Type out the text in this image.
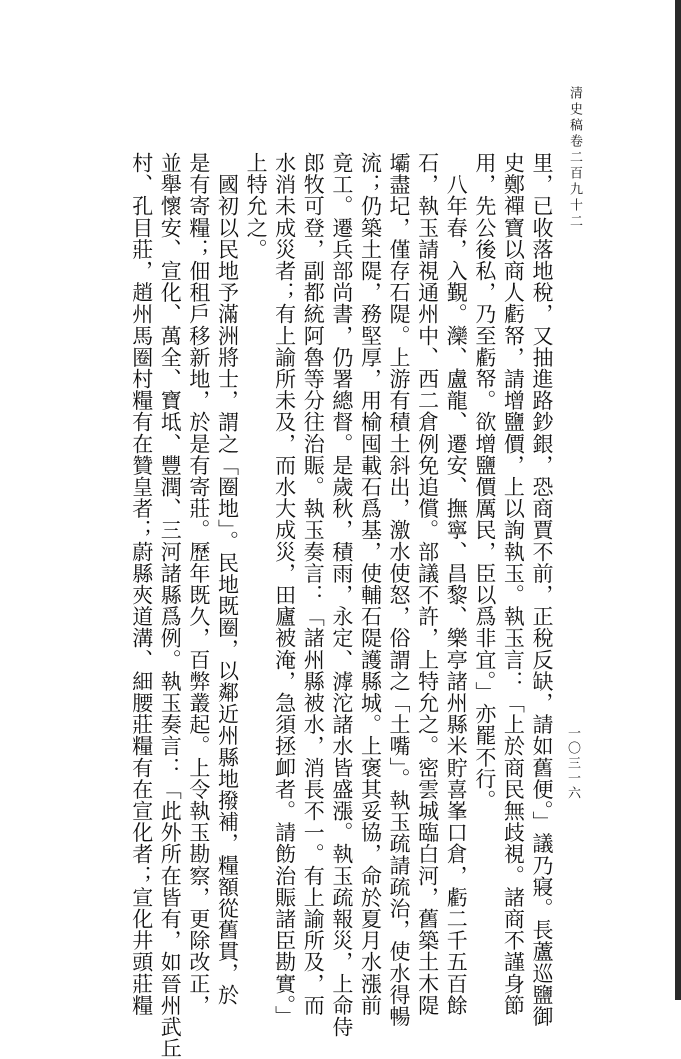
清史稿卷二百九十二
一〇三一六
里，已收落地稅，又抽進路鈔銀，恐商賈不前，正稅反缺，請如舊便。」議乃寢。長蘆巡鹽御
史鄭禪寶以商人虧帑，請增鹽價，上以詢執玉。執玉言：「上於商民無歧視。諸商不謹身節
用，先公後私，乃至虧帑。欲增鹽價厲民，臣以爲非宜。」亦罷不行。
　八年春，入覲。灤、盧龍、遷安、撫寧、昌黎、樂亭諸州縣米貯喜峯口倉，虧二千五百餘
石，執玉請視通州中、西二倉例免追償。部議不許，上特允之。密雲城臨白河，舊築土木隄
壩盡圮，僅存石隄。上游有積土斜出，激水使怒，俗謂之「土嘴」。執玉疏請疏治，使水得暢
流；仍築土隄，務堅厚，用榆囤載石爲基，使輔石隄護縣城。上褒其妥協，命於夏月水漲前
竟工。遷兵部尚書，仍署總督。是歲秋，積雨，永定、滹沱諸水皆盛漲。執玉疏報災，上命侍
郎牧可登，副都統阿魯等分往治賑。執玉奏言：「諸州縣被水，消長不一。有上諭所及，而
水消未成災者；有上諭所未及，而水大成災，田廬被淹，急須拯卹者。請飭治賑諸臣勘實。」
上特允之。
　國初以民地予滿洲將士，謂之「圈地」。民地既圈，以鄰近州縣地撥補，糧額從舊貫，於
是有寄糧；佃租戶移新地，於是有寄莊。歷年既久，百弊叢起。上令執玉勘察，更除改正，
並舉懷安、宣化、萬全、寶坻、豐潤、三河諸縣爲例。執玉奏言：「此外所在皆有，如晉州武丘
村、孔目莊，趙州馬圈村糧有在贊皇者；蔚縣夾道溝、細腰莊糧有在宣化者；宣化井頭莊糧
